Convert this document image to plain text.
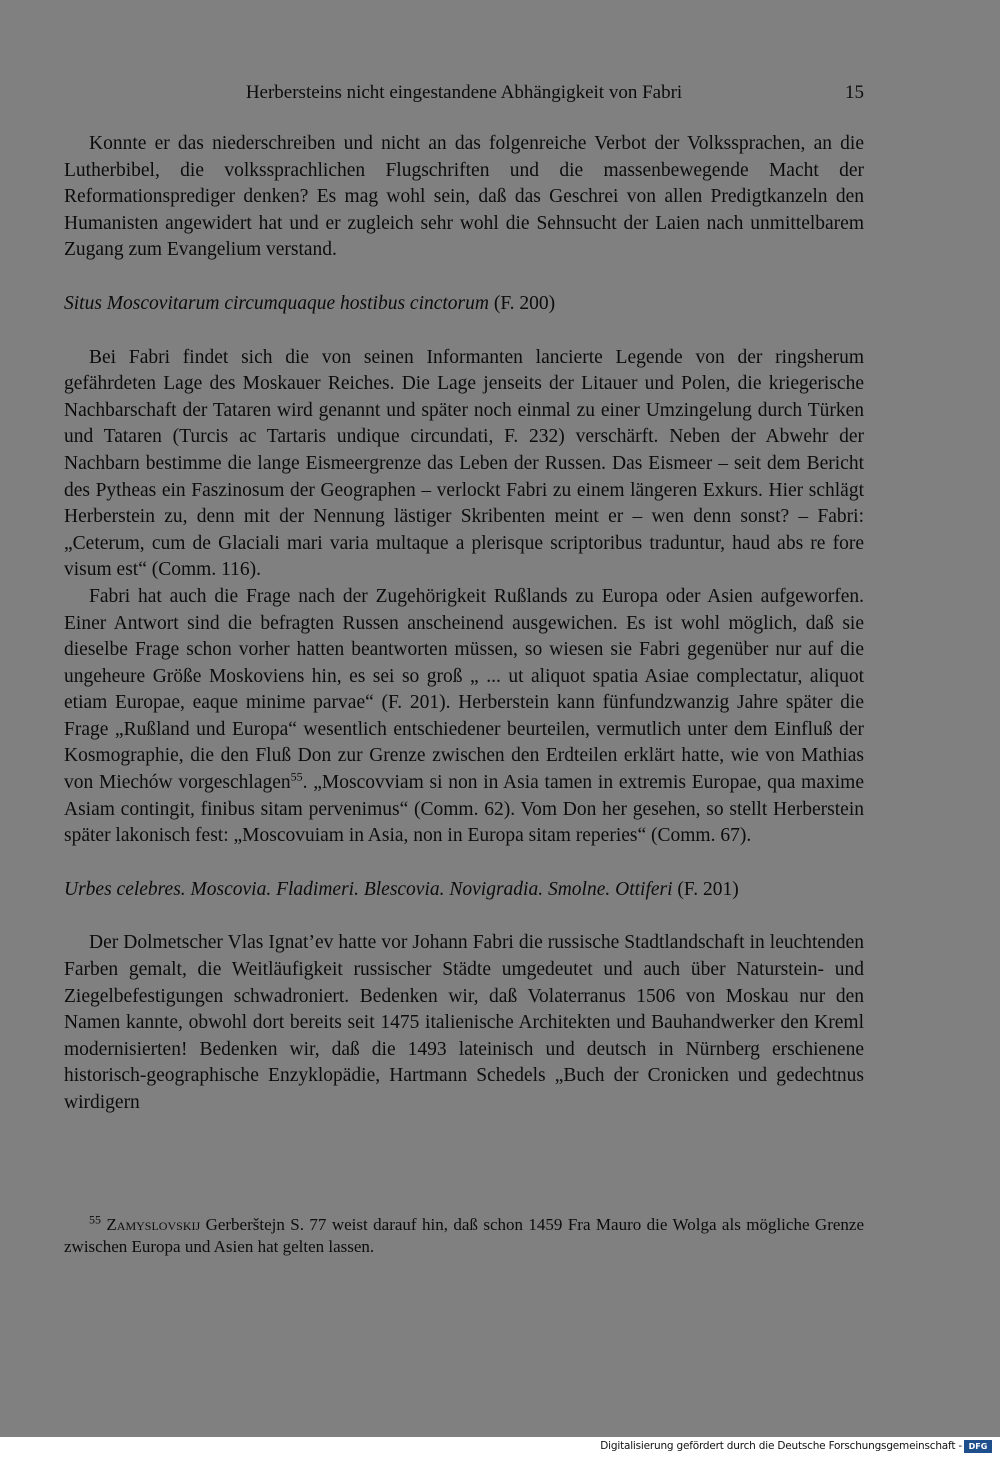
Herbersteins nicht eingestandene Abhängigkeit von Fabri	15

Konnte er das niederschreiben und nicht an das folgenreiche Verbot der Volkssprachen, an die Lutherbibel, die volkssprachlichen Flugschriften und die massenbewegende Macht der Reformationsprediger denken? Es mag wohl sein, daß das Geschrei von allen Predigtkanzeln den Humanisten angewidert hat und er zugleich sehr wohl die Sehnsucht der Laien nach unmittelbarem Zugang zum Evangelium verstand.

Situs Moscovitarum circumquaque hostibus cinctorum (F. 200)

Bei Fabri findet sich die von seinen Informanten lancierte Legende von der ringsherum gefährdeten Lage des Moskauer Reiches. Die Lage jenseits der Litauer und Polen, die kriegerische Nachbarschaft der Tataren wird genannt und später noch einmal zu einer Umzingelung durch Türken und Tataren (Turcis ac Tartaris undique circundati, F. 232) verschärft. Neben der Abwehr der Nachbarn bestimme die lange Eismeergrenze das Leben der Russen. Das Eismeer – seit dem Bericht des Pytheas ein Faszinosum der Geographen – verlockt Fabri zu einem längeren Exkurs. Hier schlägt Herberstein zu, denn mit der Nennung lästiger Skribenten meint er – wen denn sonst? – Fabri: „Ceterum, cum de Glaciali mari varia multaque a plerisque scriptoribus traduntur, haud abs re fore visum est“ (Comm. 116).

Fabri hat auch die Frage nach der Zugehörigkeit Rußlands zu Europa oder Asien aufgeworfen. Einer Antwort sind die befragten Russen anscheinend ausgewichen. Es ist wohl möglich, daß sie dieselbe Frage schon vorher hatten beantworten müssen, so wiesen sie Fabri gegenüber nur auf die ungeheure Größe Moskoviens hin, es sei so groß „ ... ut aliquot spatia Asiae complectatur, aliquot etiam Europae, eaque minime parvae“ (F. 201). Herberstein kann fünfundzwanzig Jahre später die Frage „Rußland und Europa“ wesentlich entschiedener beurteilen, vermutlich unter dem Einfluß der Kosmographie, die den Fluß Don zur Grenze zwischen den Erdteilen erklärt hatte, wie von Mathias von Miechów vorgeschlagen$^{55}$. „Moscovviam si non in Asia tamen in extremis Europae, qua maxime Asiam contingit, finibus sitam pervenimus“ (Comm. 62). Vom Don her gesehen, so stellt Herberstein später lakonisch fest: „Moscovuiam in Asia, non in Europa sitam reperies“ (Comm. 67).

Urbes celebres. Moscovia. Fladimeri. Blescovia. Novigradia. Smolne. Ottiferi (F. 201)

Der Dolmetscher Vlas Ignat’ev hatte vor Johann Fabri die russische Stadtlandschaft in leuchtenden Farben gemalt, die Weitläufigkeit russischer Städte umgedeutet und auch über Naturstein- und Ziegelbefestigungen schwadroniert. Bedenken wir, daß Volaterranus 1506 von Moskau nur den Namen kannte, obwohl dort bereits seit 1475 italienische Architekten und Bauhandwerker den Kreml modernisierten! Bedenken wir, daß die 1493 lateinisch und deutsch in Nürnberg erschienene historisch-geographische Enzyklopädie, Hartmann Schedels „Buch der Cronicken und gedechtnus wirdigern

$^{55}$ Zamyslovskij Gerberštejn S. 77 weist darauf hin, daß schon 1459 Fra Mauro die Wolga als mögliche Grenze zwischen Europa und Asien hat gelten lassen.

Digitalisierung gefördert durch die Deutsche Forschungsgemeinschaft - DFG
